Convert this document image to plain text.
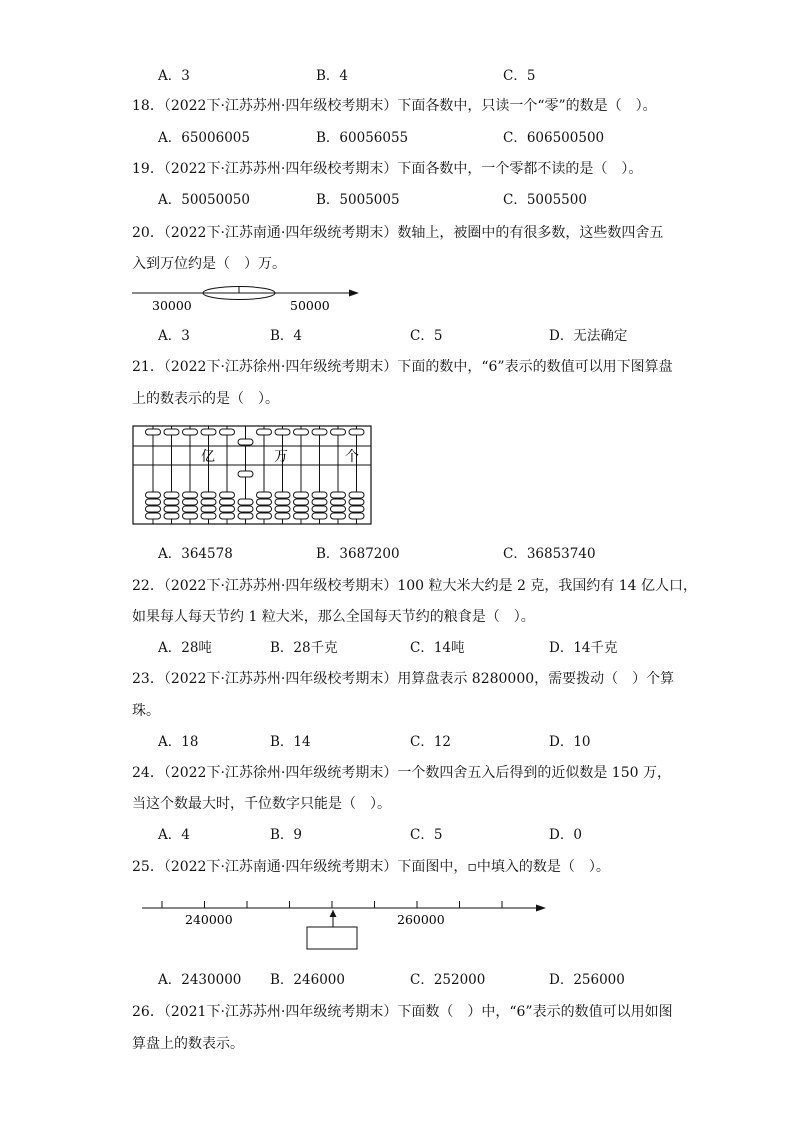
A．3	B．4	C．5
18．（2022下·江苏苏州·四年级校考期末）下面各数中，只读一个“零”的数是（　）。
A．65006005	B．60056055	C．606500500
19．（2022下·江苏苏州·四年级校考期末）下面各数中，一个零都不读的是（　）。
A．50050050	B．5005005	C．5005500
20．（2022下·江苏南通·四年级统考期末）数轴上，被圈中的有很多数，这些数四舍五
入到万位约是（　）万。
30000	50000
A．3	B．4	C．5	D．无法确定
21．（2022下·江苏徐州·四年级统考期末）下面的数中，“6”表示的数值可以用下图算盘
上的数表示的是（　）。
亿	万	个
A．364578	B．3687200	C．36853740
22．（2022下·江苏苏州·四年级校考期末）100 粒大米大约是 2 克，我国约有 14 亿人口，
如果每人每天节约 1 粒大米，那么全国每天节约的粮食是（　）。
A．28吨	B．28千克	C．14吨	D．14千克
23．（2022下·江苏苏州·四年级校考期末）用算盘表示 8280000，需要拨动（　）个算
珠。
A．18	B．14	C．12	D．10
24．（2022下·江苏徐州·四年级统考期末）一个数四舍五入后得到的近似数是 150 万，
当这个数最大时，千位数字只能是（　）。
A．4	B．9	C．5	D．0
25．（2022下·江苏南通·四年级统考期末）下面图中，▫中填入的数是（　）。
240000	260000
A．2430000 B．246000	C．252000	D．256000
26．（2021下·江苏苏州·四年级统考期末）下面数（　）中，“6”表示的数值可以用如图
算盘上的数表示。
